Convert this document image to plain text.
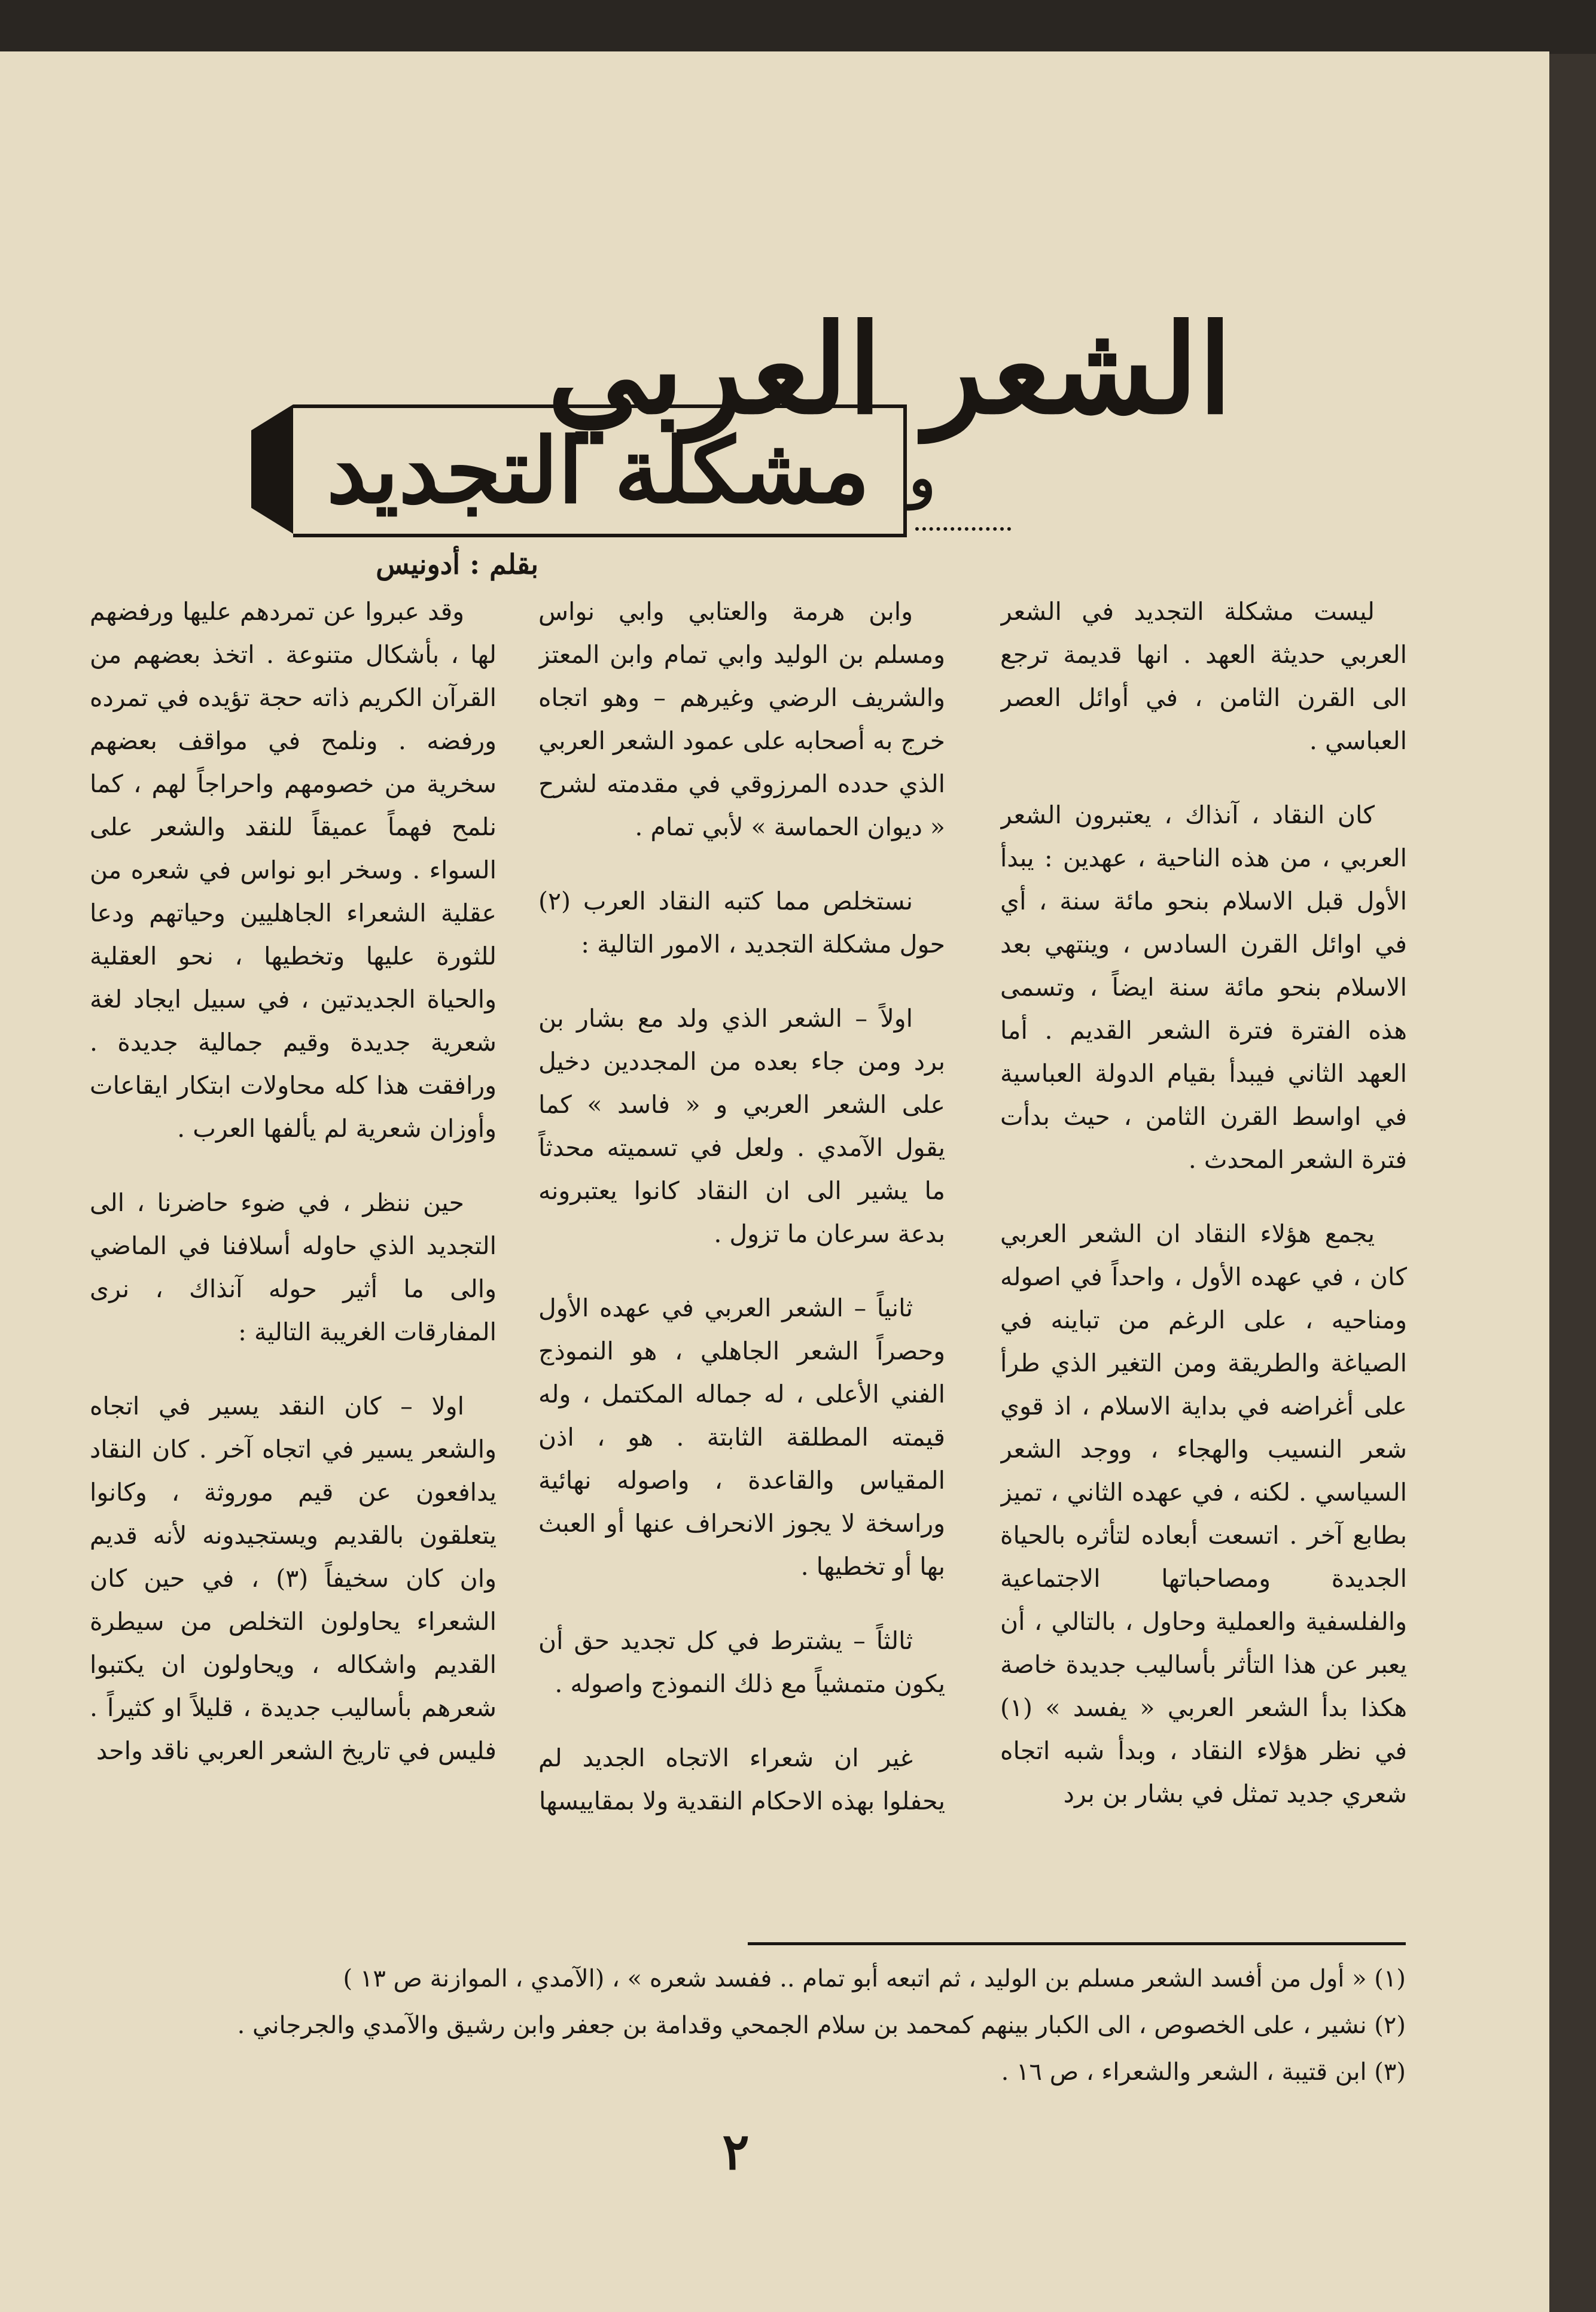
الشعر العربي
مشكلة التجديد و
بقلم : أدونيس

ليست مشكلة التجديد في الشعر العربي حديثة العهد . انها قديمة ترجع الى القرن الثامن ، في أوائل العصر العباسي .

كان النقاد ، آنذاك ، يعتبرون الشعر العربي ، من هذه الناحية ، عهدين : يبدأ الأول قبل الاسلام بنحو مائة سنة ، أي في اوائل القرن السادس ، وينتهي بعد الاسلام بنحو مائة سنة ايضاً ، وتسمى هذه الفترة فترة الشعر القديم . أما العهد الثاني فيبدأ بقيام الدولة العباسية في اواسط القرن الثامن ، حيث بدأت فترة الشعر المحدث .

يجمع هؤلاء النقاد ان الشعر العربي كان ، في عهده الأول ، واحداً في اصوله ومناحيه ، على الرغم من تباينه في الصياغة والطريقة ومن التغير الذي طرأ على أغراضه في بداية الاسلام ، اذ قوي شعر النسيب والهجاء ، ووجد الشعر السياسي . لكنه ، في عهده الثاني ، تميز بطابع آخر . اتسعت أبعاده لتأثره بالحياة الجديدة ومصاحباتها الاجتماعية والفلسفية والعملية وحاول ، بالتالي ، أن يعبر عن هذا التأثر بأساليب جديدة خاصة هكذا بدأ الشعر العربي « يفسد » (١) في نظر هؤلاء النقاد ، وبدأ شبه اتجاه شعري جديد تمثل في بشار بن برد

وابن هرمة والعتابي وابي نواس ومسلم بن الوليد وابي تمام وابن المعتز والشريف الرضي وغيرهم – وهو اتجاه خرج به أصحابه على عمود الشعر العربي الذي حدده المرزوقي في مقدمته لشرح « ديوان الحماسة » لأبي تمام .

نستخلص مما كتبه النقاد العرب (٢) حول مشكلة التجديد ، الامور التالية :

اولاً – الشعر الذي ولد مع بشار بن برد ومن جاء بعده من المجددين دخيل على الشعر العربي و « فاسد » كما يقول الآمدي . ولعل في تسميته محدثاً ما يشير الى ان النقاد كانوا يعتبرونه بدعة سرعان ما تزول .

ثانياً – الشعر العربي في عهده الأول وحصراً الشعر الجاهلي ، هو النموذج الفني الأعلى ، له جماله المكتمل ، وله قيمته المطلقة الثابتة . هو ، اذن المقياس والقاعدة ، واصوله نهائية وراسخة لا يجوز الانحراف عنها أو العبث بها أو تخطيها .

ثالثاً – يشترط في كل تجديد حق أن يكون متمشياً مع ذلك النموذج واصوله .

غير ان شعراء الاتجاه الجديد لم يحفلوا بهذه الاحكام النقدية ولا بمقاييسها

وقد عبروا عن تمردهم عليها ورفضهم لها ، بأشكال متنوعة . اتخذ بعضهم من القرآن الكريم ذاته حجة تؤيده في تمرده ورفضه . ونلمح في مواقف بعضهم سخرية من خصومهم واحراجاً لهم ، كما نلمح فهماً عميقاً للنقد والشعر على السواء . وسخر ابو نواس في شعره من عقلية الشعراء الجاهليين وحياتهم ودعا للثورة عليها وتخطيها ، نحو العقلية والحياة الجديدتين ، في سبيل ايجاد لغة شعرية جديدة وقيم جمالية جديدة . ورافقت هذا كله محاولات ابتكار ايقاعات وأوزان شعرية لم يألفها العرب .

حين ننظر ، في ضوء حاضرنا ، الى التجديد الذي حاوله أسلافنا في الماضي والى ما أثير حوله آنذاك ، نرى المفارقات الغريبة التالية :

اولا – كان النقد يسير في اتجاه والشعر يسير في اتجاه آخر . كان النقاد يدافعون عن قيم موروثة ، وكانوا يتعلقون بالقديم ويستجيدونه لأنه قديم وان كان سخيفاً (٣) ، في حين كان الشعراء يحاولون التخلص من سيطرة القديم واشكاله ، ويحاولون ان يكتبوا شعرهم بأساليب جديدة ، قليلاً او كثيراً . فليس في تاريخ الشعر العربي ناقد واحد

(١) « أول من أفسد الشعر مسلم بن الوليد ، ثم اتبعه أبو تمام .. ففسد شعره » ، (الآمدي ، الموازنة ص ١٣ )
(٢) نشير ، على الخصوص ، الى الكبار بينهم كمحمد بن سلام الجمحي وقدامة بن جعفر وابن رشيق والآمدي والجرجاني .
(٣) ابن قتيبة ، الشعر والشعراء ، ص ١٦ .
٢
